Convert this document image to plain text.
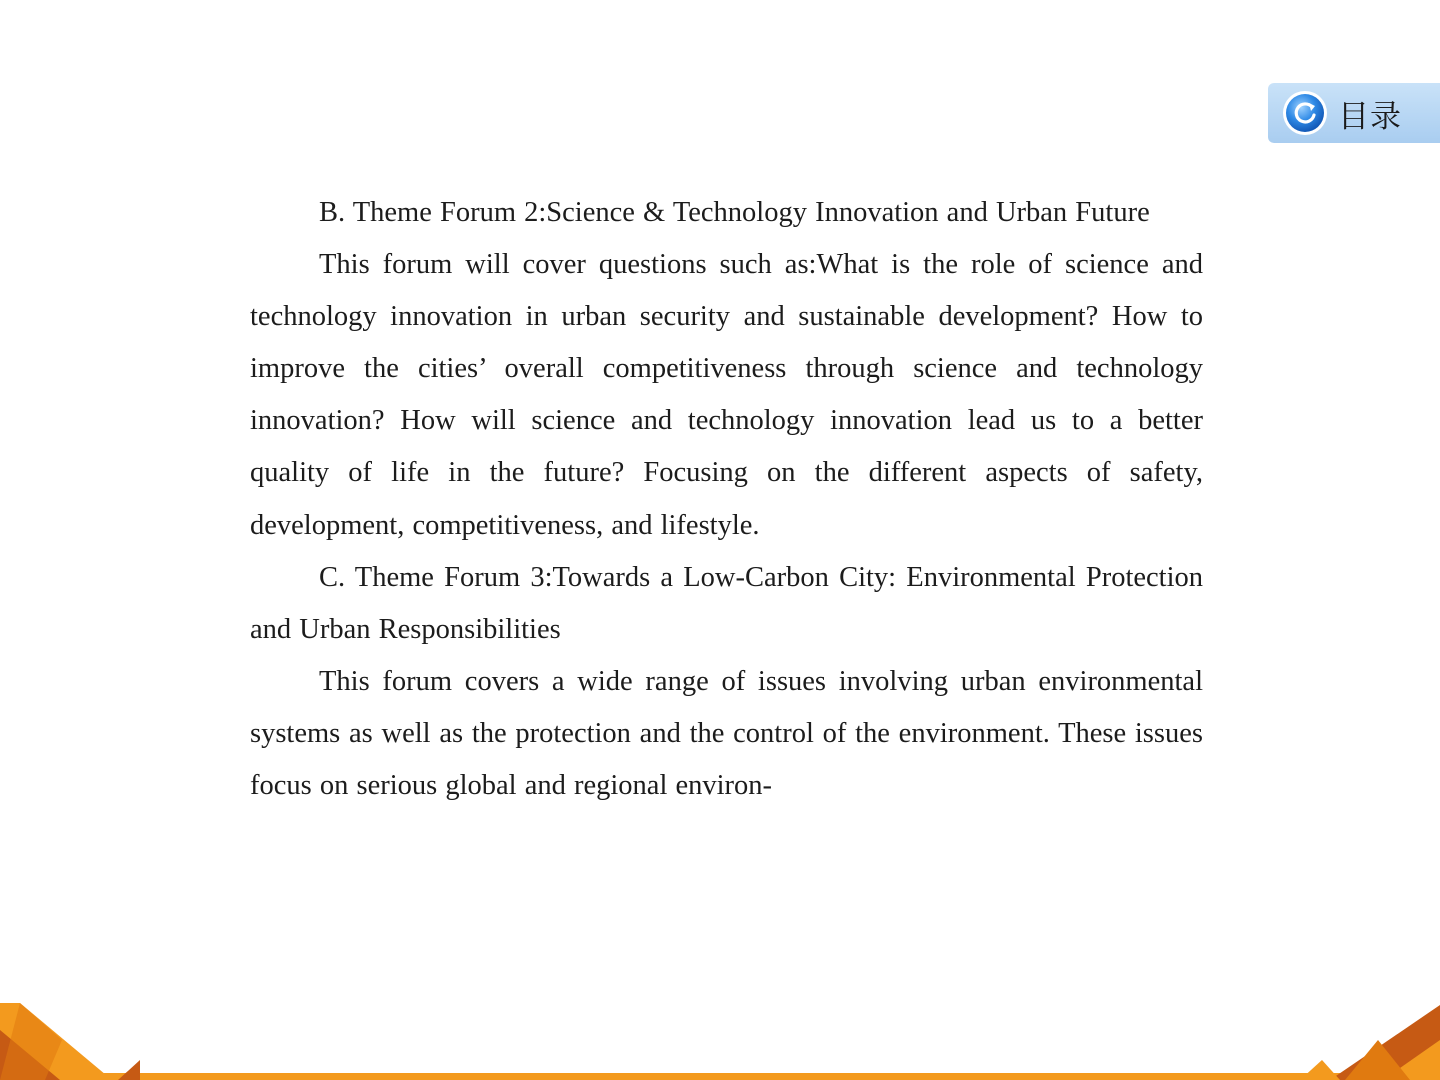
目录

B. Theme Forum 2:Science & Technology Innovation and Urban Future

This forum will cover questions such as:What is the role of science and technology innovation in urban security and sustainable development? How to improve the cities’ overall competitiveness through science and technology innovation? How will science and technology innovation lead us to a better quality of life in the future? Focusing on the different aspects of safety, development, competitiveness, and lifestyle.

C. Theme Forum 3:Towards a Low-Carbon City: Environmental Protection and Urban Responsibilities

This forum covers a wide range of issues involving urban environmental systems as well as the protection and the control of the environment. These issues focus on serious global and regional environ-
